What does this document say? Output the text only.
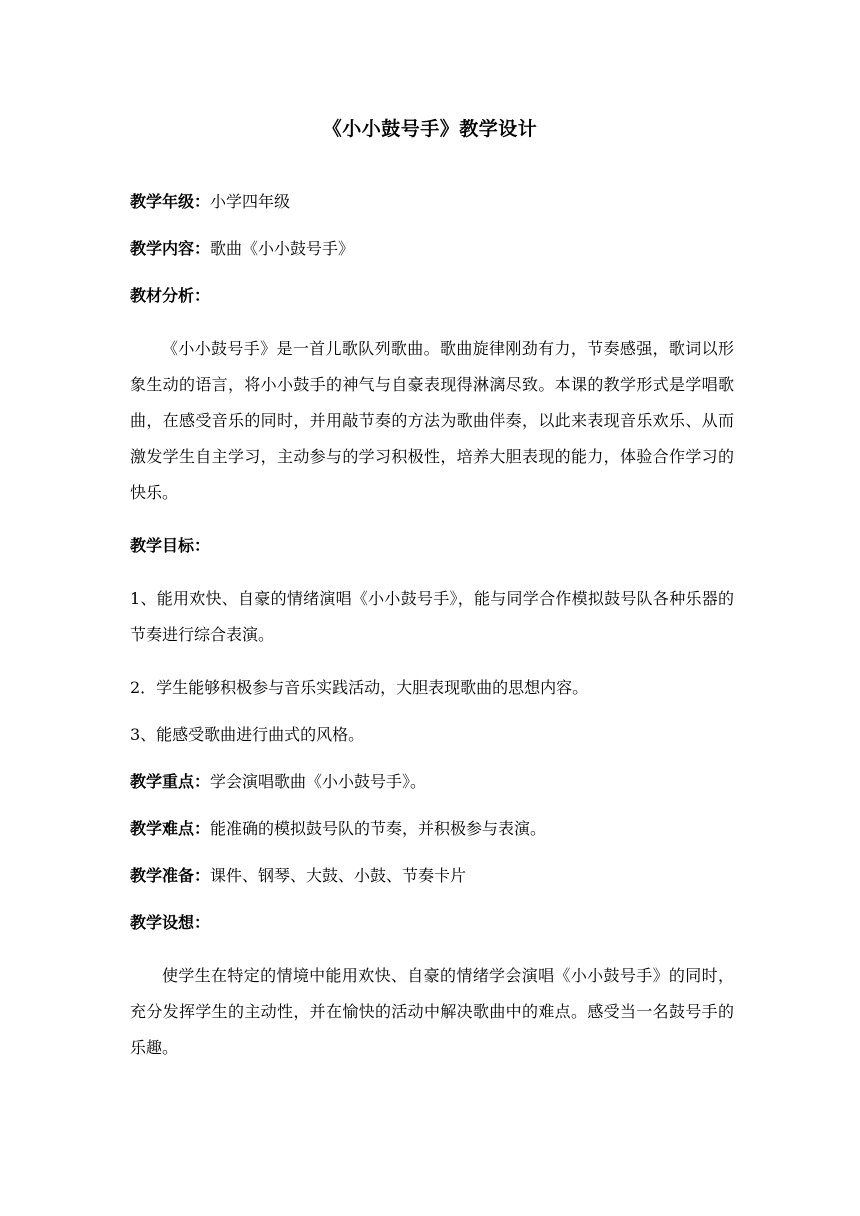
《小小鼓号手》教学设计

教学年级：小学四年级

教学内容：歌曲《小小鼓号手》

教材分析：

《小小鼓号手》是一首儿歌队列歌曲。歌曲旋律刚劲有力，节奏感强，歌词以形象生动的语言，将小小鼓手的神气与自豪表现得淋漓尽致。本课的教学形式是学唱歌曲，在感受音乐的同时，并用敲节奏的方法为歌曲伴奏，以此来表现音乐欢乐、从而激发学生自主学习，主动参与的学习积极性，培养大胆表现的能力，体验合作学习的快乐。

教学目标：

1、能用欢快、自豪的情绪演唱《小小鼓号手》，能与同学合作模拟鼓号队各种乐器的节奏进行综合表演。

2．学生能够积极参与音乐实践活动，大胆表现歌曲的思想内容。

3、能感受歌曲进行曲式的风格。

教学重点：学会演唱歌曲《小小鼓号手》。

教学难点：能准确的模拟鼓号队的节奏，并积极参与表演。

教学准备：课件、钢琴、大鼓、小鼓、节奏卡片

教学设想：

使学生在特定的情境中能用欢快、自豪的情绪学会演唱《小小鼓号手》的同时，充分发挥学生的主动性，并在愉快的活动中解决歌曲中的难点。感受当一名鼓号手的乐趣。
